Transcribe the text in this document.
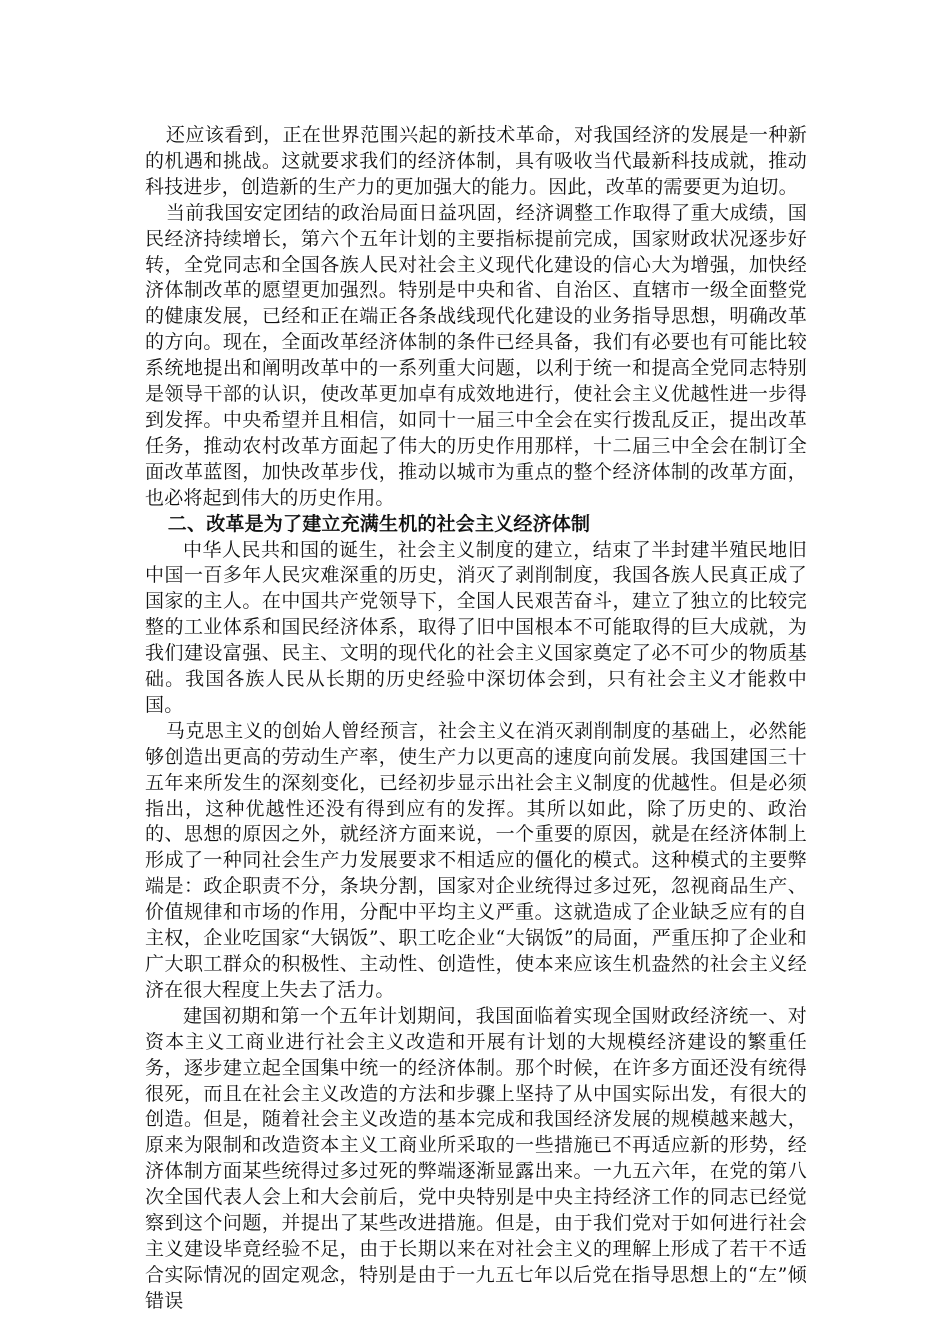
还应该看到，正在世界范围兴起的新技术革命，对我国经济的发展是一种新的机遇和挑战。这就要求我们的经济体制，具有吸收当代最新科技成就，推动科技进步，创造新的生产力的更加强大的能力。因此，改革的需要更为迫切。

当前我国安定团结的政治局面日益巩固，经济调整工作取得了重大成绩，国民经济持续增长，第六个五年计划的主要指标提前完成，国家财政状况逐步好转，全党同志和全国各族人民对社会主义现代化建设的信心大为增强，加快经济体制改革的愿望更加强烈。特别是中央和省、自治区、直辖市一级全面整党的健康发展，已经和正在端正各条战线现代化建设的业务指导思想，明确改革的方向。现在，全面改革经济体制的条件已经具备，我们有必要也有可能比较系统地提出和阐明改革中的一系列重大问题，以利于统一和提高全党同志特别是领导干部的认识，使改革更加卓有成效地进行，使社会主义优越性进一步得到发挥。中央希望并且相信，如同十一届三中全会在实行拨乱反正，提出改革任务，推动农村改革方面起了伟大的历史作用那样，十二届三中全会在制订全面改革蓝图，加快改革步伐，推动以城市为重点的整个经济体制的改革方面，也必将起到伟大的历史作用。

二、改革是为了建立充满生机的社会主义经济体制

中华人民共和国的诞生，社会主义制度的建立，结束了半封建半殖民地旧中国一百多年人民灾难深重的历史，消灭了剥削制度，我国各族人民真正成了国家的主人。在中国共产党领导下，全国人民艰苦奋斗，建立了独立的比较完整的工业体系和国民经济体系，取得了旧中国根本不可能取得的巨大成就，为我们建设富强、民主、文明的现代化的社会主义国家奠定了必不可少的物质基础。我国各族人民从长期的历史经验中深切体会到，只有社会主义才能救中国。

马克思主义的创始人曾经预言，社会主义在消灭剥削制度的基础上，必然能够创造出更高的劳动生产率，使生产力以更高的速度向前发展。我国建国三十五年来所发生的深刻变化，已经初步显示出社会主义制度的优越性。但是必须指出，这种优越性还没有得到应有的发挥。其所以如此，除了历史的、政治的、思想的原因之外，就经济方面来说，一个重要的原因，就是在经济体制上形成了一种同社会生产力发展要求不相适应的僵化的模式。这种模式的主要弊端是：政企职责不分，条块分割，国家对企业统得过多过死，忽视商品生产、价值规律和市场的作用，分配中平均主义严重。这就造成了企业缺乏应有的自主权，企业吃国家“大锅饭”、职工吃企业“大锅饭”的局面，严重压抑了企业和广大职工群众的积极性、主动性、创造性，使本来应该生机盎然的社会主义经济在很大程度上失去了活力。

建国初期和第一个五年计划期间，我国面临着实现全国财政经济统一、对资本主义工商业进行社会主义改造和开展有计划的大规模经济建设的繁重任务，逐步建立起全国集中统一的经济体制。那个时候，在许多方面还没有统得很死，而且在社会主义改造的方法和步骤上坚持了从中国实际出发，有很大的创造。但是，随着社会主义改造的基本完成和我国经济发展的规模越来越大，原来为限制和改造资本主义工商业所采取的一些措施已不再适应新的形势，经济体制方面某些统得过多过死的弊端逐渐显露出来。一九五六年，在党的第八次全国代表人会上和大会前后，党中央特别是中央主持经济工作的同志已经觉察到这个问题，并提出了某些改进措施。但是，由于我们党对于如何进行社会主义建设毕竟经验不足，由于长期以来在对社会主义的理解上形成了若干不适合实际情况的固定观念，特别是由于一九五七年以后党在指导思想上的“左”倾错误
